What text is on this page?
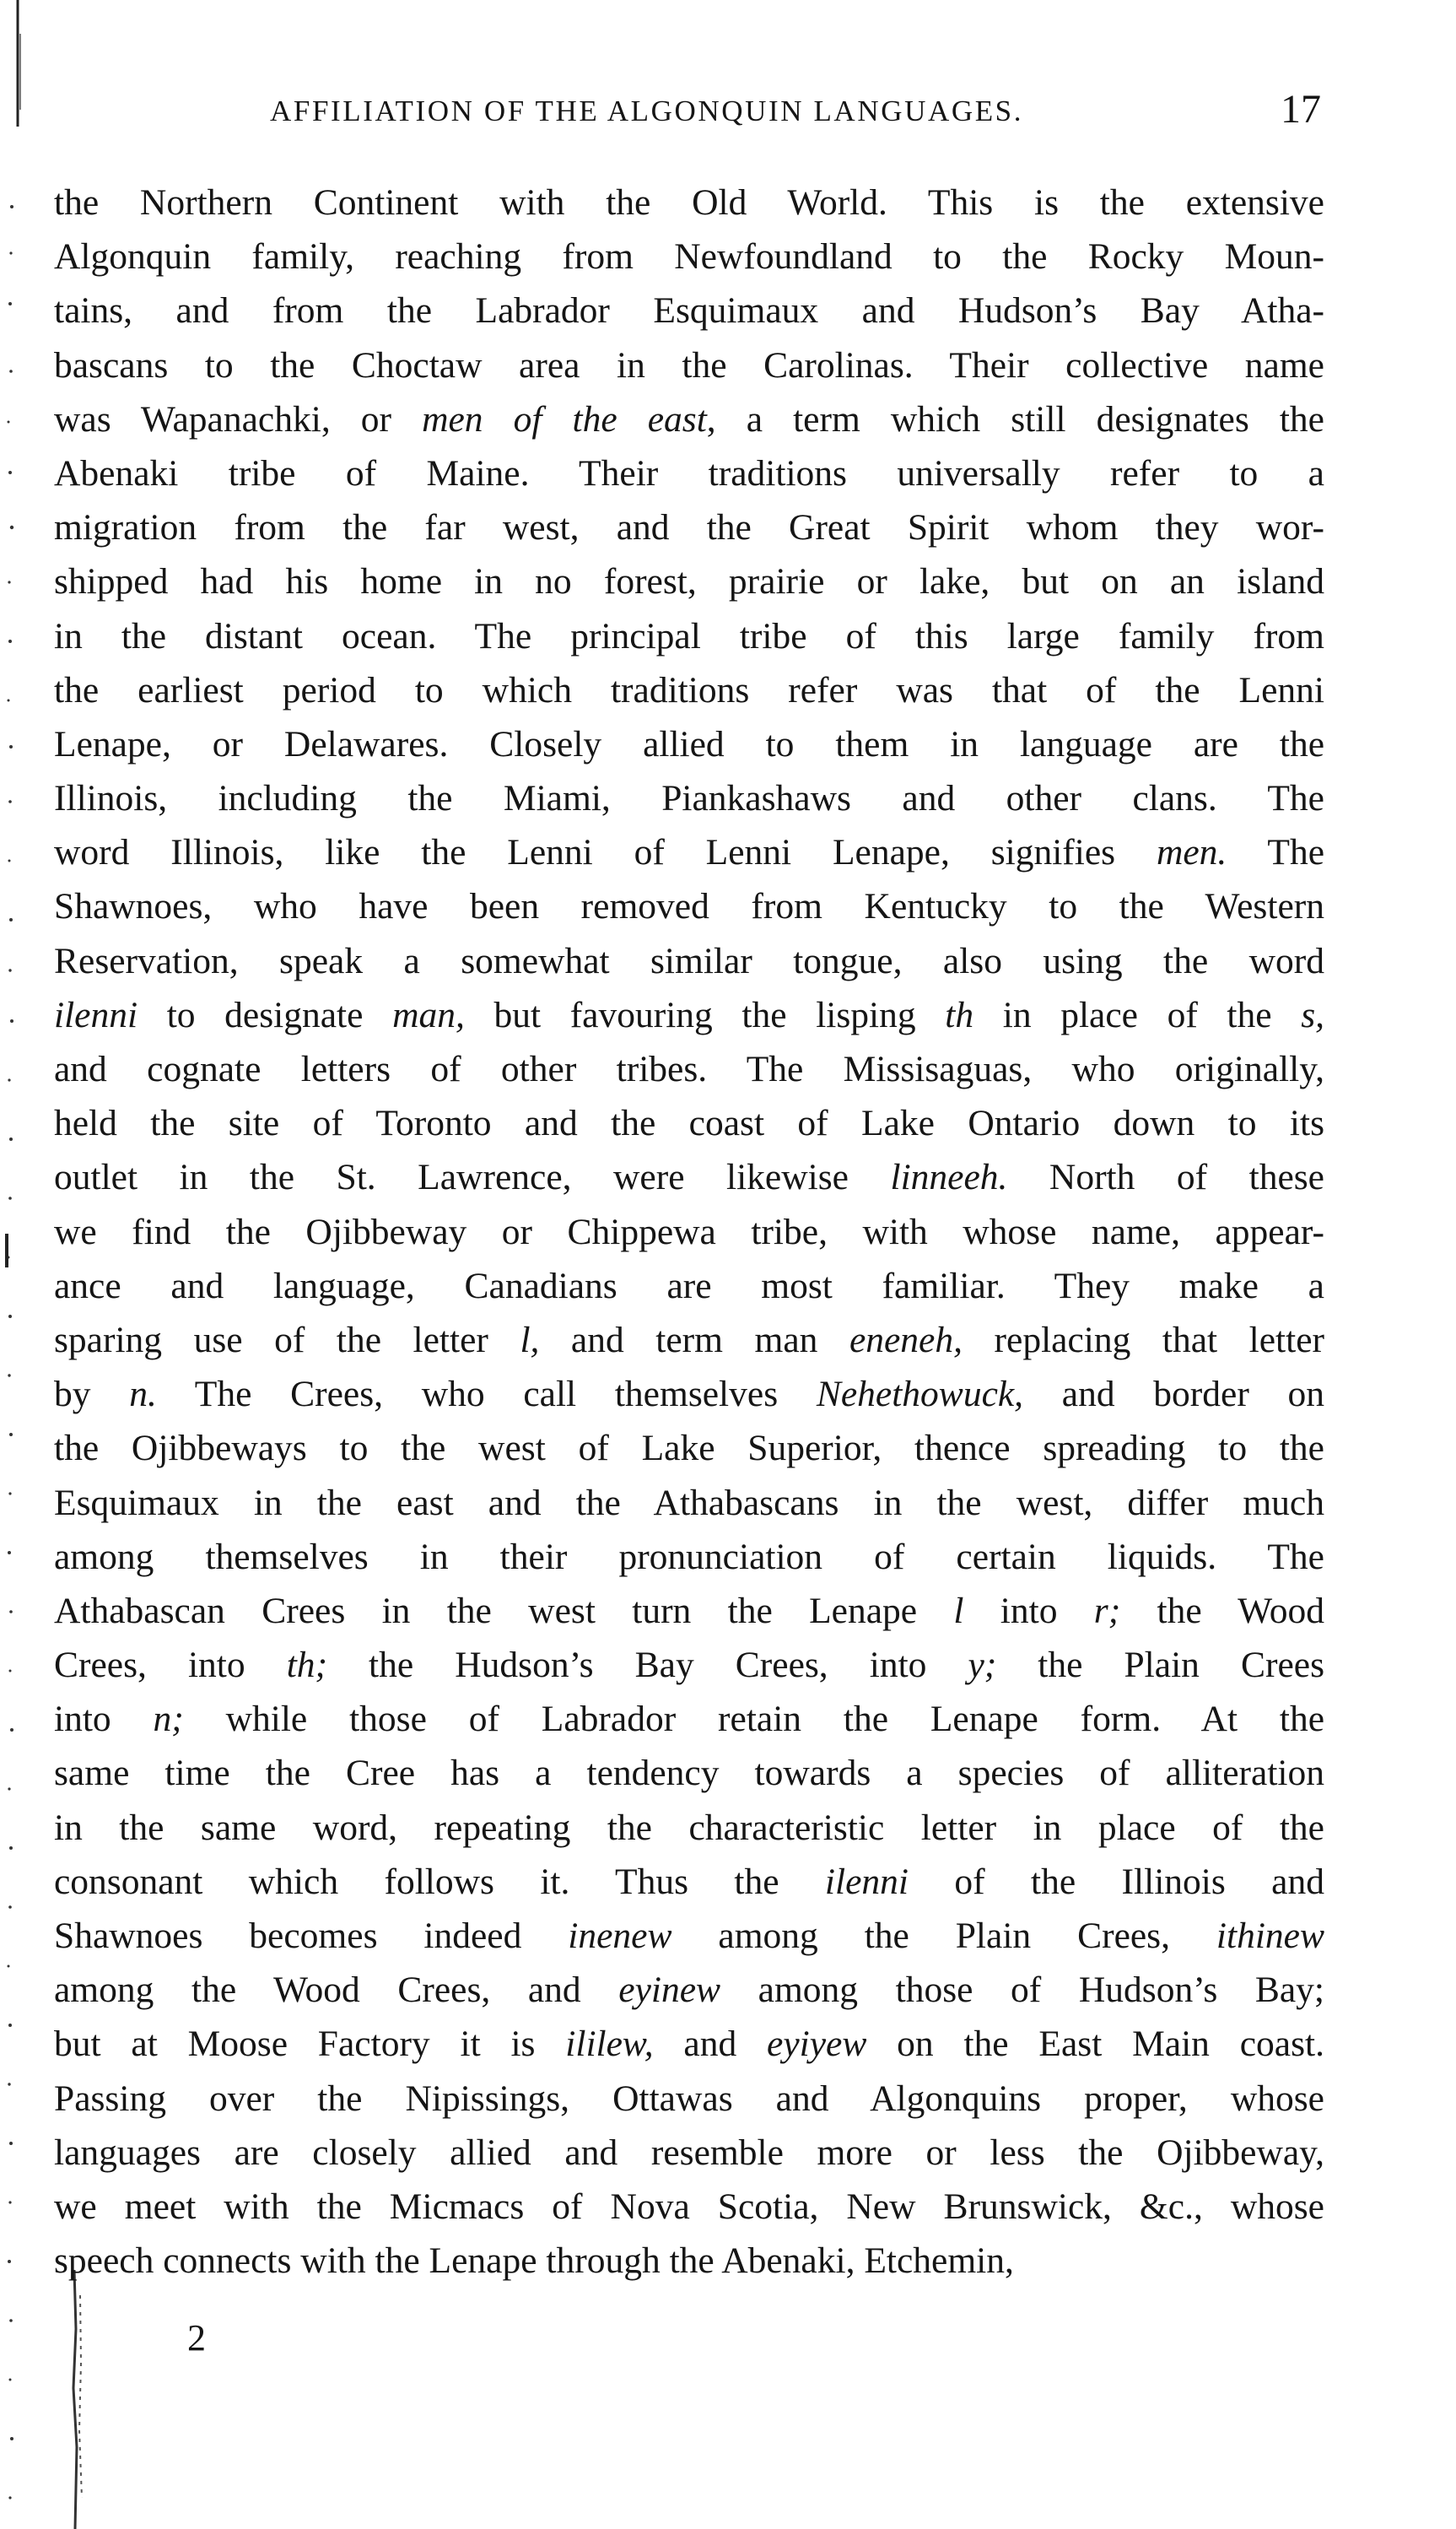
AFFILIATION OF THE ALGONQUIN LANGUAGES.	17
the Northern Continent with the Old World. This is the extensive
Algonquin family, reaching from Newfoundland to the Rocky Moun-
tains, and from the Labrador Esquimaux and Hudson’s Bay Atha-
bascans to the Choctaw area in the Carolinas. Their collective name
was Wapanachki, or men of the east, a term which still designates the
Abenaki tribe of Maine. Their traditions universally refer to a
migration from the far west, and the Great Spirit whom they wor-
shipped had his home in no forest, prairie or lake, but on an island
in the distant ocean. The principal tribe of this large family from
the earliest period to which traditions refer was that of the Lenni
Lenape, or Delawares. Closely allied to them in language are the
Illinois, including the Miami, Piankashaws and other clans. The
word Illinois, like the Lenni of Lenni Lenape, signifies men. The
Shawnoes, who have been removed from Kentucky to the Western
Reservation, speak a somewhat similar tongue, also using the word
ilenni to designate man, but favouring the lisping th in place of the s,
and cognate letters of other tribes. The Missisaguas, who originally,
held the site of Toronto and the coast of Lake Ontario down to its
outlet in the St. Lawrence, were likewise linneeh. North of these
we find the Ojibbeway or Chippewa tribe, with whose name, appear-
ance and language, Canadians are most familiar. They make a
sparing use of the letter l, and term man eneneh, replacing that letter
by n. The Crees, who call themselves Nehethowuck, and border on
the Ojibbeways to the west of Lake Superior, thence spreading to the
Esquimaux in the east and the Athabascans in the west, differ much
among themselves in their pronunciation of certain liquids. The
Athabascan Crees in the west turn the Lenape l into r; the Wood
Crees, into th; the Hudson’s Bay Crees, into y; the Plain Crees
into n; while those of Labrador retain the Lenape form. At the
same time the Cree has a tendency towards a species of alliteration
in the same word, repeating the characteristic letter in place of the
consonant which follows it. Thus the ilenni of the Illinois and
Shawnoes becomes indeed inenew among the Plain Crees, ithinew
among the Wood Crees, and eyinew among those of Hudson’s Bay;
but at Moose Factory it is ililew, and eyiyew on the East Main coast.
Passing over the Nipissings, Ottawas and Algonquins proper, whose
languages are closely allied and resemble more or less the Ojibbeway,
we meet with the Micmacs of Nova Scotia, New Brunswick, &c., whose
speech connects with the Lenape through the Abenaki, Etchemin,
2
